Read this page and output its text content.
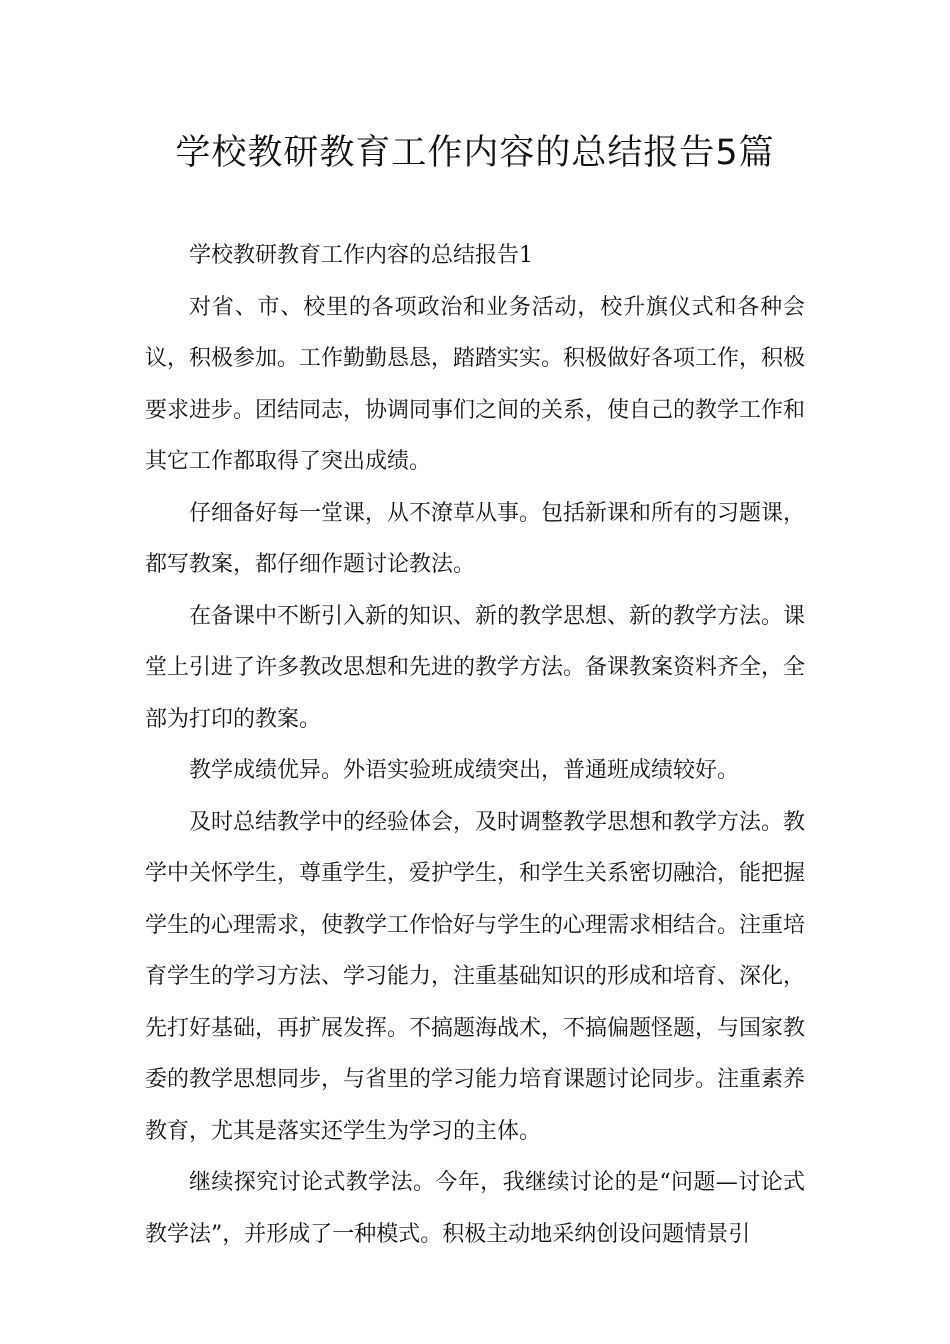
学校教研教育工作内容的总结报告5篇

学校教研教育工作内容的总结报告1

对省、市、校里的各项政治和业务活动，校升旗仪式和各种会议，积极参加。工作勤勤恳恳，踏踏实实。积极做好各项工作，积极要求进步。团结同志，协调同事们之间的关系，使自己的教学工作和其它工作都取得了突出成绩。

仔细备好每一堂课，从不潦草从事。包括新课和所有的习题课，都写教案，都仔细作题讨论教法。

在备课中不断引入新的知识、新的教学思想、新的教学方法。课堂上引进了许多教改思想和先进的教学方法。备课教案资料齐全，全部为打印的教案。

教学成绩优异。外语实验班成绩突出，普通班成绩较好。

及时总结教学中的经验体会，及时调整教学思想和教学方法。教学中关怀学生，尊重学生，爱护学生，和学生关系密切融洽，能把握学生的心理需求，使教学工作恰好与学生的心理需求相结合。注重培育学生的学习方法、学习能力，注重基础知识的形成和培育、深化，先打好基础，再扩展发挥。不搞题海战术，不搞偏题怪题，与国家教委的教学思想同步，与省里的学习能力培育课题讨论同步。注重素养教育，尤其是落实还学生为学习的主体。

继续探究讨论式教学法。今年，我继续讨论的是“问题—讨论式教学法”，并形成了一种模式。积极主动地采纳创设问题情景引
